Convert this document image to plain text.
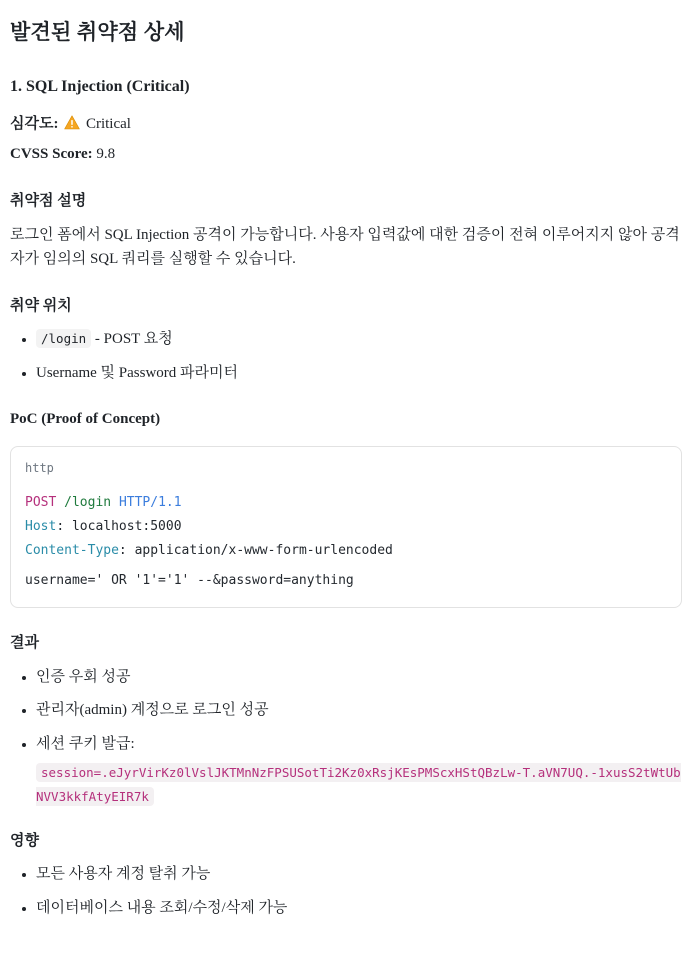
발견된 취약점 상세
1. SQL Injection (Critical)

심각도: Critical

CVSS Score: 9.8

취약점 설명

로그인 폼에서 SQL Injection 공격이 가능합니다. 사용자 입력값에 대한 검증이 전혀 이루어지지 않아 공격자가 임의의 SQL 쿼리를 실행할 수 있습니다.

취약 위치
• /login - POST 요청
• Username 및 Password 파라미터
PoC (Proof of Concept)
http
POST /login HTTP/1.1
Host: localhost:5000
Content-Type: application/x-www-form-urlencoded

username=' OR '1'='1' --&password=anything
결과
• 인증 우회 성공
• 관리자(admin) 계정으로 로그인 성공
• 세션 쿠키 발급:
session=.eJyrVirKz0lVslJKTMnNzFPSUSotTi2Kz0xRsjKEsPMScxHStQBzLw-T.aVN7UQ.-1xusS2tWtUbNVV3kkfAtyEIR7k
영향
• 모든 사용자 계정 탈취 가능
• 데이터베이스 내용 조회/수정/삭제 가능
